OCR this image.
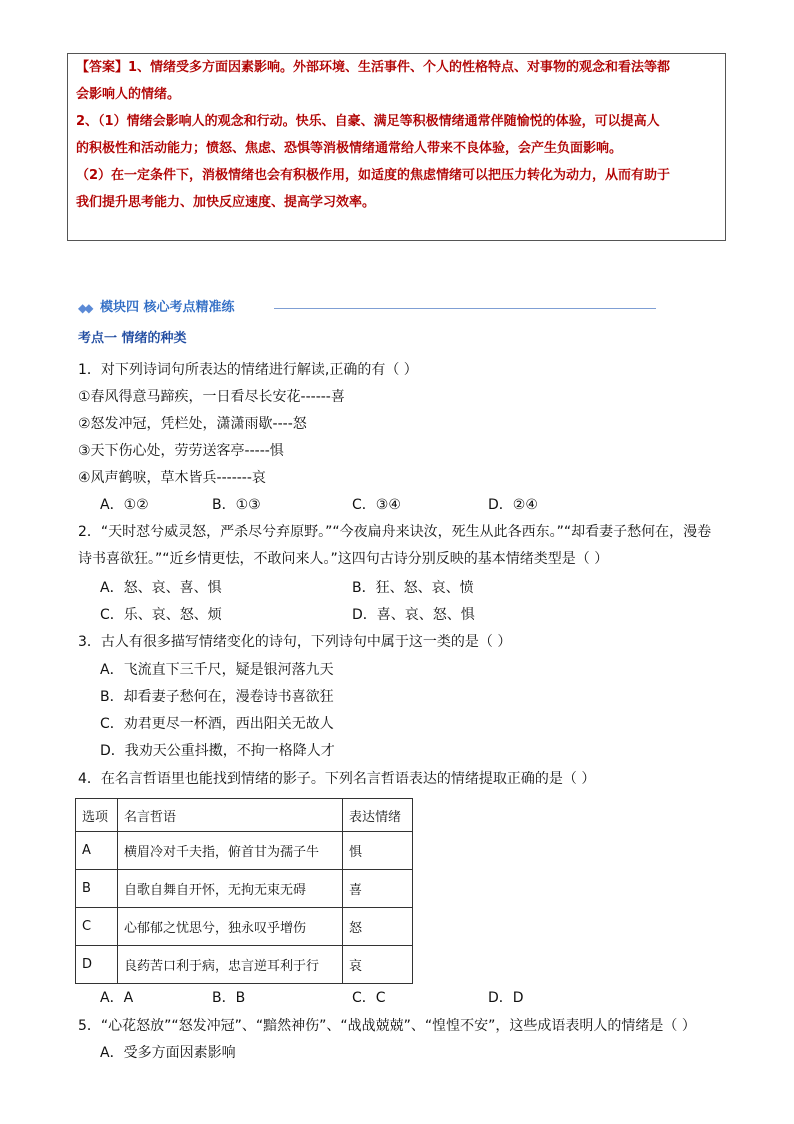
【答案】1、情绪受多方面因素影响。外部环境、生活事件、个人的性格特点、对事物的观念和看法等都
会影响人的情绪。
2、（1）情绪会影响人的观念和行动。快乐、自豪、满足等积极情绪通常伴随愉悦的体验，可以提高人
的积极性和活动能力；愤怒、焦虑、恐惧等消极情绪通常给人带来不良体验，会产生负面影响。
（2）在一定条件下，消极情绪也会有积极作用，如适度的焦虑情绪可以把压力转化为动力，从而有助于
我们提升思考能力、加快反应速度、提高学习效率。
◆◆ 模块四 核心考点精准练
考点一 情绪的种类
1．对下列诗词句所表达的情绪进行解读,正确的有（ ）
①春风得意马蹄疾，一日看尽长安花------喜
②怒发冲冠，凭栏处，潇潇雨歇----怒
③天下伤心处，劳劳送客亭-----惧
④风声鹤唳，草木皆兵-------哀
A．①②	B．①③	C．③④	D．②④
2．“天时怼兮威灵怒，严杀尽兮弃原野。”“今夜扁舟来诀汝，死生从此各西东。”“却看妻子愁何在，漫卷
诗书喜欲狂。”“近乡情更怯，不敢问来人。”这四句古诗分别反映的基本情绪类型是（ ）
A．怒、哀、喜、惧	B．狂、怒、哀、愤
C．乐、哀、怒、烦	D．喜、哀、怒、惧
3．古人有很多描写情绪变化的诗句，下列诗句中属于这一类的是（ ）
A．飞流直下三千尺，疑是银河落九天
B．却看妻子愁何在，漫卷诗书喜欲狂
C．劝君更尽一杯酒，西出阳关无故人
D．我劝天公重抖擞，不拘一格降人才
4．在名言哲语里也能找到情绪的影子。下列名言哲语表达的情绪提取正确的是（ ）
选项	名言哲语	表达情绪
A	横眉冷对千夫指，俯首甘为孺子牛	惧
B	自歌自舞自开怀，无拘无束无碍	喜
C	心郁郁之忧思兮，独永叹乎增伤	怒
D	良药苦口利于病，忠言逆耳利于行	哀
A．A	B．B	C．C	D．D
5．“心花怒放”“怒发冲冠”、“黯然神伤”、“战战兢兢”、“惶惶不安”，这些成语表明人的情绪是（ ）
A．受多方面因素影响
